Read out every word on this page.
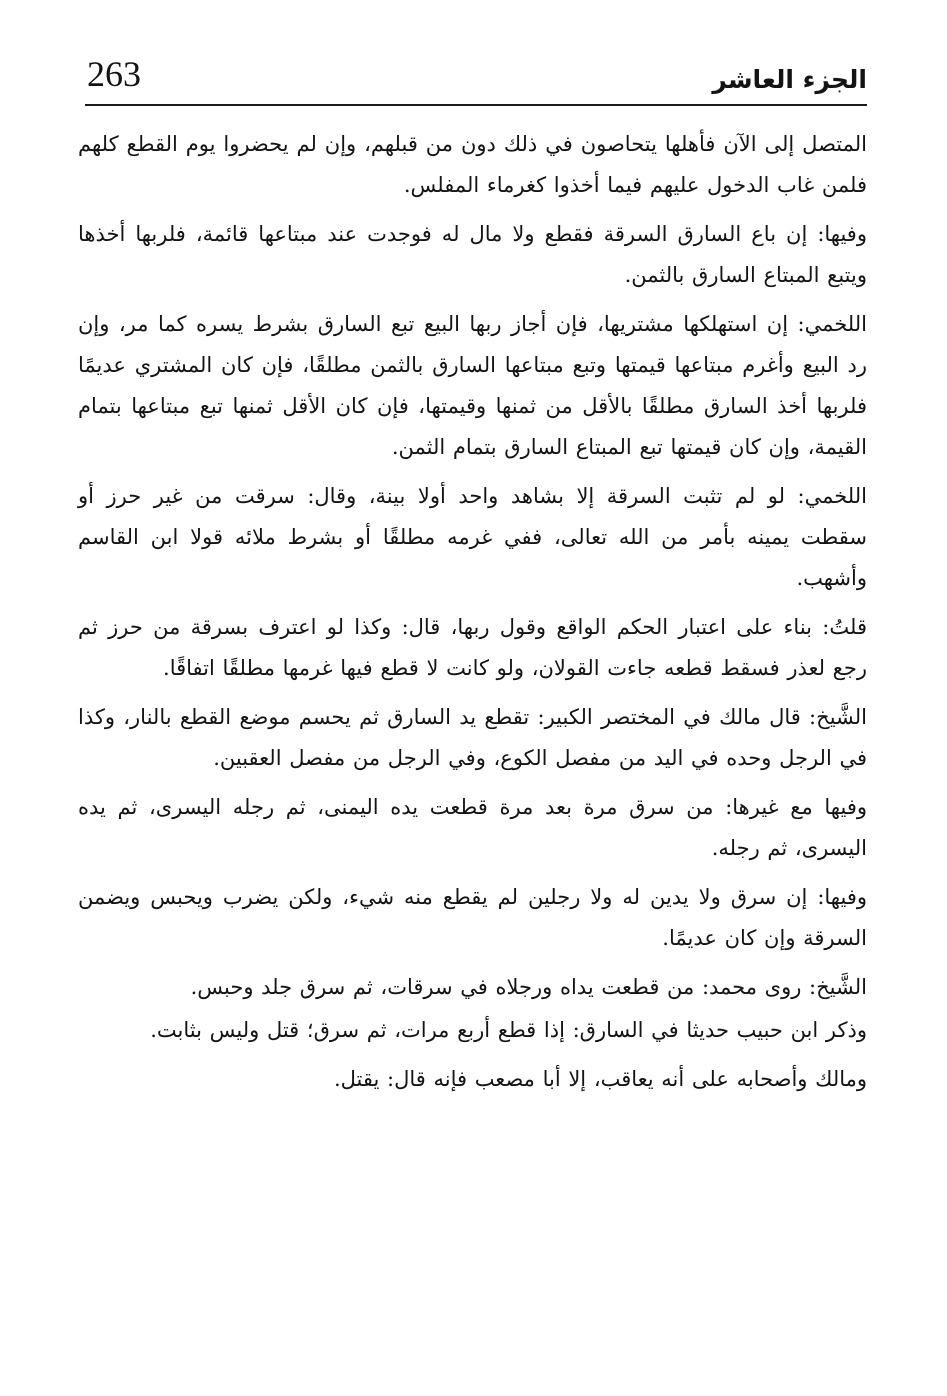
263	الجزء العاشر

المتصل إلى الآن فأهلها يتحاصون في ذلك دون من قبلهم، وإن لم يحضروا يوم القطع كلهم فلمن غاب الدخول عليهم فيما أخذوا كغرماء المفلس.

وفيها: إن باع السارق السرقة فقطع ولا مال له فوجدت عند مبتاعها قائمة، فلربها أخذها ويتبع المبتاع السارق بالثمن.

اللخمي: إن استهلكها مشتريها، فإن أجاز ربها البيع تبع السارق بشرط يسره كما مر، وإن رد البيع وأغرم مبتاعها قيمتها وتبع مبتاعها السارق بالثمن مطلقًا، فإن كان المشتري عديمًا فلربها أخذ السارق مطلقًا بالأقل من ثمنها وقيمتها، فإن كان الأقل ثمنها تبع مبتاعها بتمام القيمة، وإن كان قيمتها تبع المبتاع السارق بتمام الثمن.

اللخمي: لو لم تثبت السرقة إلا بشاهد واحد أولا بينة، وقال: سرقت من غير حرز أو سقطت يمينه بأمر من الله تعالى، ففي غرمه مطلقًا أو بشرط ملائه قولا ابن القاسم وأشهب.

قلتُ: بناء على اعتبار الحكم الواقع وقول ربها، قال: وكذا لو اعترف بسرقة من حرز ثم رجع لعذر فسقط قطعه جاءت القولان، ولو كانت لا قطع فيها غرمها مطلقًا اتفاقًا.

الشَّيخ: قال مالك في المختصر الكبير: تقطع يد السارق ثم يحسم موضع القطع بالنار، وكذا في الرجل وحده في اليد من مفصل الكوع، وفي الرجل من مفصل العقبين.

وفيها مع غيرها: من سرق مرة بعد مرة قطعت يده اليمنى، ثم رجله اليسرى، ثم يده اليسرى، ثم رجله.

وفيها: إن سرق ولا يدين له ولا رجلين لم يقطع منه شيء، ولكن يضرب ويحبس ويضمن السرقة وإن كان عديمًا.

الشَّيخ: روى محمد: من قطعت يداه ورجلاه في سرقات، ثم سرق جلد وحبس.

وذكر ابن حبيب حديثا في السارق: إذا قطع أربع مرات، ثم سرق؛ قتل وليس بثابت.

ومالك وأصحابه على أنه يعاقب، إلا أبا مصعب فإنه قال: يقتل.
